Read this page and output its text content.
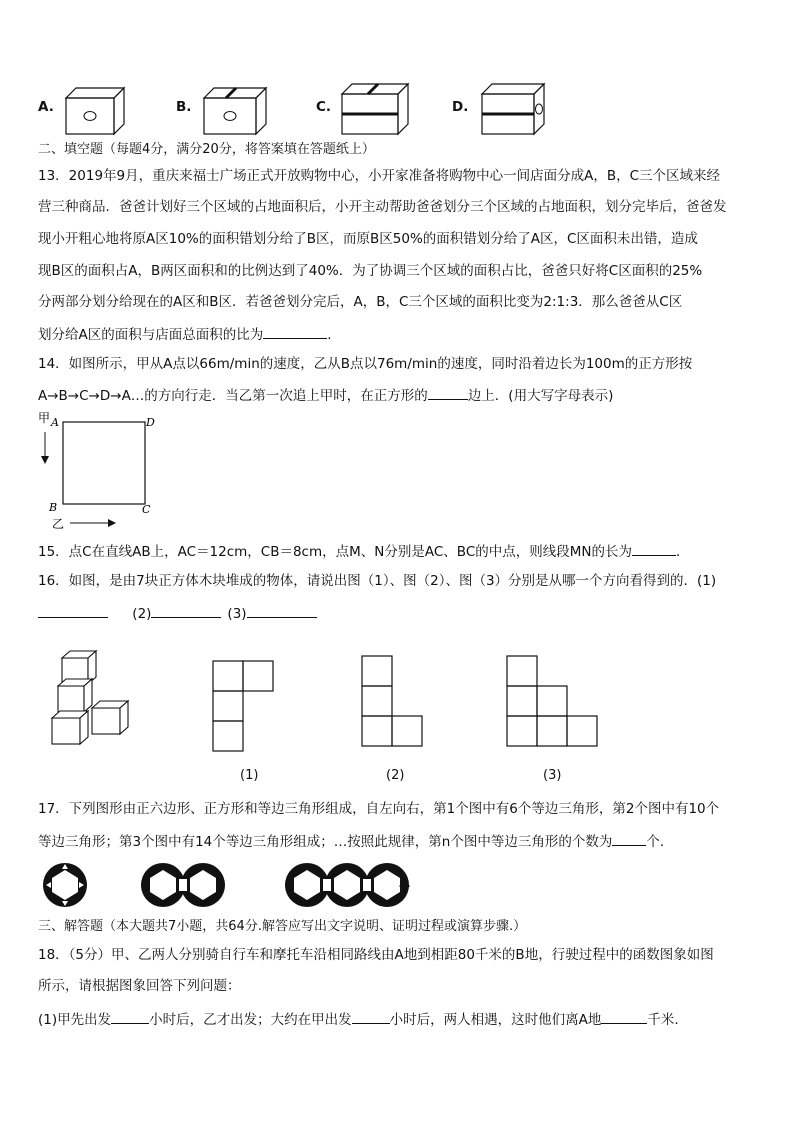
A.	B.	C.	D.
二、填空题（每题4分，满分20分，将答案填在答题纸上）
13．2019年9月，重庆来福士广场正式开放购物中心，小开家准备将购物中心一间店面分成A，B，C三个区域来经
营三种商品．爸爸计划好三个区域的占地面积后，小开主动帮助爸爸划分三个区域的占地面积，划分完毕后，爸爸发
现小开粗心地将原A区10%的面积错划分给了B区，而原B区50%的面积错划分给了A区，C区面积未出错，造成
现B区的面积占A，B两区面积和的比例达到了40%．为了协调三个区域的面积占比，爸爸只好将C区面积的25%
分两部分划分给现在的A区和B区．若爸爸划分完后，A，B，C三个区域的面积比变为2:1:3．那么爸爸从C区
划分给A区的面积与店面总面积的比为	．
14．如图所示，甲从A点以66m/min的速度，乙从B点以76m/min的速度，同时沿着边长为100m的正方形按
A→B→C→D→A…的方向行走．当乙第一次追上甲时，在正方形的	边上．(用大写字母表示)
甲 A	D
B	C
乙
15．点C在直线AB上，AC＝12cm，CB＝8cm，点M、N分别是AC、BC的中点，则线段MN的长为	．
16．如图，是由7块正方体木块堆成的物体，请说出图（1）、图（2）、图（3）分别是从哪一个方向看得到的．(1)
(2)	(3)
(1)	(2)	(3)
17．下列图形由正六边形、正方形和等边三角形组成，自左向右，第1个图中有6个等边三角形，第2个图中有10个
等边三角形；第3个图中有14个等边三角形组成；…按照此规律，第n个图中等边三角形的个数为	个．
…
三、解答题（本大题共7小题，共64分.解答应写出文字说明、证明过程或演算步骤.）
18．（5分）甲、乙两人分别骑自行车和摩托车沿相同路线由A地到相距80千米的B地，行驶过程中的函数图象如图
所示，请根据图象回答下列问题：
(1)甲先出发	小时后，乙才出发；大约在甲出发	小时后，两人相遇，这时他们离A地	千米.
